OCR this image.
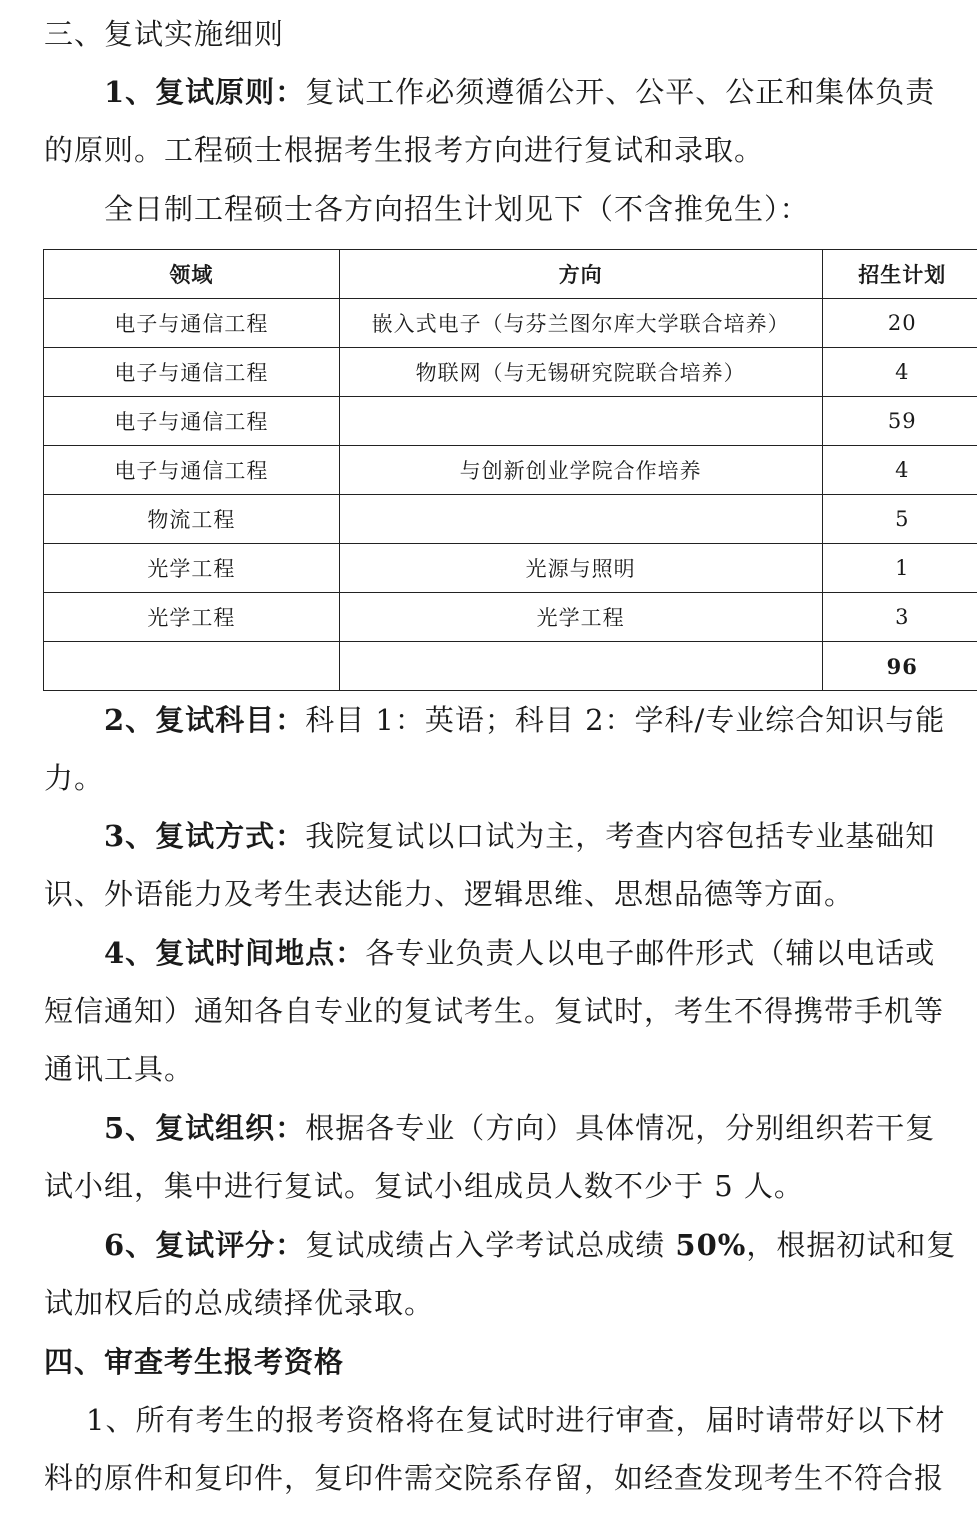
三、复试实施细则
1、复试原则：复试工作必须遵循公开、公平、公正和集体负责
的原则。工程硕士根据考生报考方向进行复试和录取。
全日制工程硕士各方向招生计划见下（不含推免生）：
领域	方向	招生计划
电子与通信工程	嵌入式电子（与芬兰图尔库大学联合培养）	20
电子与通信工程	物联网（与无锡研究院联合培养）	4
电子与通信工程		59
电子与通信工程	与创新创业学院合作培养	4
物流工程		5
光学工程	光源与照明	1
光学工程	光学工程	3
		96
2、复试科目：科目 1：英语；科目 2：学科/专业综合知识与能
力。
3、复试方式：我院复试以口试为主，考查内容包括专业基础知
识、外语能力及考生表达能力、逻辑思维、思想品德等方面。
4、复试时间地点：各专业负责人以电子邮件形式（辅以电话或
短信通知）通知各自专业的复试考生。复试时，考生不得携带手机等
通讯工具。
5、复试组织：根据各专业（方向）具体情况，分别组织若干复
试小组，集中进行复试。复试小组成员人数不少于 5 人。
6、复试评分：复试成绩占入学考试总成绩 50%，根据初试和复
试加权后的总成绩择优录取。
四、审查考生报考资格
1、所有考生的报考资格将在复试时进行审查，届时请带好以下材
料的原件和复印件，复印件需交院系存留，如经查发现考生不符合报
